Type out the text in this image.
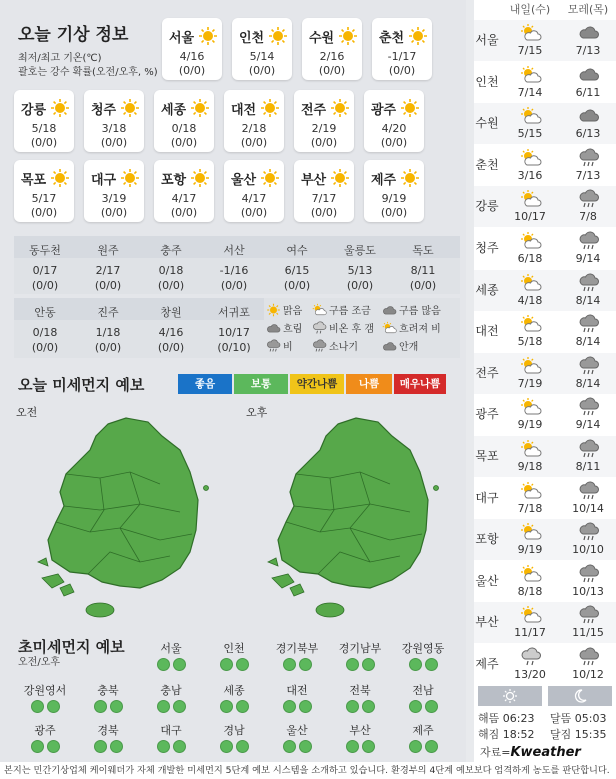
오늘 기상 정보
최저/최고 기온(℃)
괄호는 강수 확률(오전/오후, %)
서울
4/16
(0/0)
인천
5/14
(0/0)
수원
2/16
(0/0)
춘천
-1/17
(0/0)
강릉
5/18
(0/0)
청주
3/18
(0/0)
세종
0/18
(0/0)
대전
2/18
(0/0)
전주
2/19
(0/0)
광주
4/20
(0/0)
목포
5/17
(0/0)
대구
3/19
(0/0)
포항
4/17
(0/0)
울산
4/17
(0/0)
부산
7/17
(0/0)
제주
9/19
(0/0)
동두천
0/17
(0/0)
원주
2/17
(0/0)
충주
0/18
(0/0)
서산
-1/16
(0/0)
여수
6/15
(0/0)
울릉도
5/13
(0/0)
독도
8/11
(0/0)
안동
0/18
(0/0)
진주
1/18
(0/0)
창원
4/16
(0/0)
서귀포
10/17
(0/10)
맑음	구름 조금	구름 많음
흐림	비온 후 갬	흐려져 비
비	소나기	안개
오늘 미세먼지 예보	좋음	보통	약간나쁨	나쁨	매우나쁨
오전	오후
초미세먼지 예보
오전/오후
서울	인천	경기북부	경기남부	강원영동
강원영서	충북	충남	세종	대전	전북	전남
광주	경북	대구	경남	울산	부산	제주
내일(수)	모레(목)
서울
7/15	7/13
인천
7/14	6/11
수원
5/15	6/13
춘천
3/16	7/13
강릉
10/17	7/8
청주
6/18	9/14
세종
4/18	8/14
대전
5/18	8/14
전주
7/19	8/14
광주
9/19	9/14
목포
9/18	8/11
대구
7/18	10/14
포항
9/19	10/10
울산
8/18	10/13
부산
11/17	11/15
제주
13/20	10/12
해뜸 06:23
해짐 18:52
달뜸 05:03
달짐 15:35
자료=Kweather
본지는 민간기상업체 케이웨더가 자체 개발한 미세먼지 5단계 예보 시스템을 소개하고 있습니다. 환경부의 4단계 예보보다 엄격하게 농도를 판단합니다.
